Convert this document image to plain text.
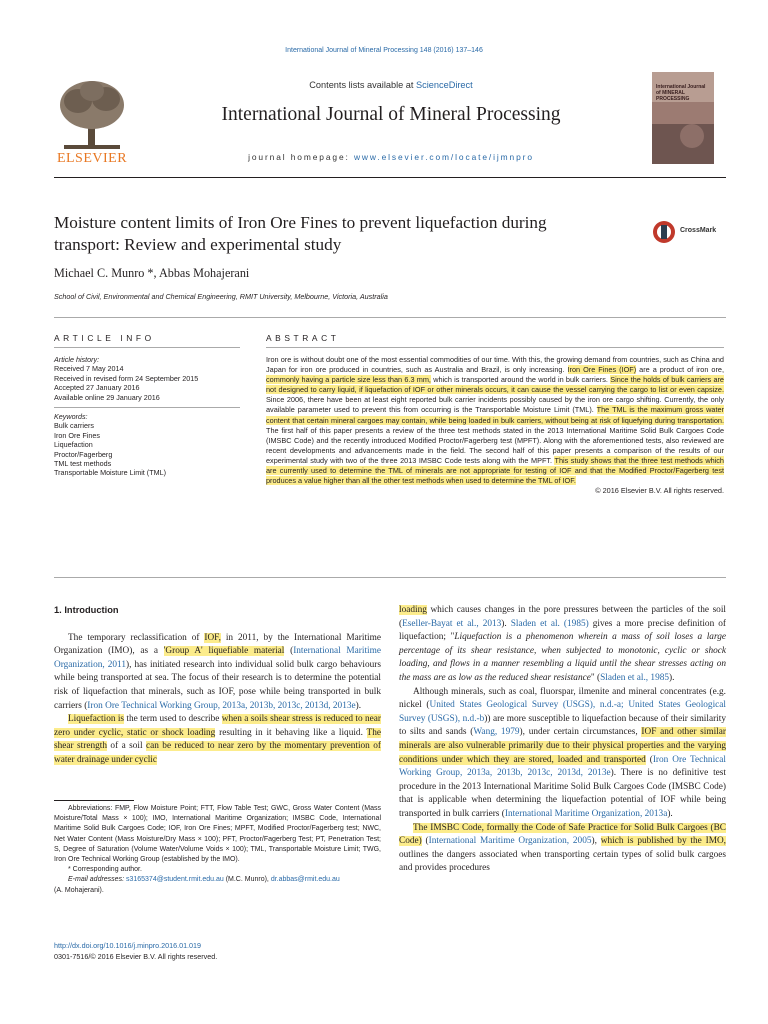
International Journal of Mineral Processing 148 (2016) 137–146
ELSEVIER
Contents lists available at ScienceDirect
International Journal of Mineral Processing
journal homepage: www.elsevier.com/locate/ijmnpro
International Journal of MINERAL PROCESSING
Moisture content limits of Iron Ore Fines to prevent liquefaction during transport: Review and experimental study
CrossMark
Michael C. Munro *, Abbas Mohajerani
School of Civil, Environmental and Chemical Engineering, RMIT University, Melbourne, Victoria, Australia
ARTICLE INFO	ABSTRACT
Article history:
Received 7 May 2014
Received in revised form 24 September 2015
Accepted 27 January 2016
Available online 29 January 2016
Keywords:
Bulk carriers
Iron Ore Fines
Liquefaction
Proctor/Fagerberg
TML test methods
Transportable Moisture Limit (TML)
Iron ore is without doubt one of the most essential commodities of our time. With this, the growing demand from countries, such as China and Japan for iron ore produced in countries, such as Australia and Brazil, is only increasing. Iron Ore Fines (IOF) are a product of iron ore, commonly having a particle size less than 6.3 mm, which is transported around the world in bulk carriers. Since the holds of bulk carriers are not designed to carry liquid, if liquefaction of IOF or other minerals occurs, it can cause the vessel carrying the cargo to list or even capsize. Since 2006, there have been at least eight reported bulk carrier incidents possibly caused by the iron ore cargo shifting. Currently, the only available parameter used to prevent this from occurring is the Transportable Moisture Limit (TML). The TML is the maximum gross water content that certain mineral cargoes may contain, while being loaded in bulk carriers, without being at risk of liquefying during transportation. The first half of this paper presents a review of the three test methods stated in the 2013 International Maritime Solid Bulk Cargoes Code (IMSBC Code) and the recently introduced Modified Proctor/Fagerberg test (MPFT). Along with the aforementioned tests, also reviewed are recent developments and advancements made in the field. The second half of this paper presents a comparison of the results of our experimental study with two of the three 2013 IMSBC Code tests along with the MPFT. This study shows that the three test methods which are currently used to determine the TML of minerals are not appropriate for testing of IOF and that the Modified Proctor/Fagerberg test produces a value higher than all the other test methods when used to determine the TML of IOF.
© 2016 Elsevier B.V. All rights reserved.
1. Introduction

The temporary reclassification of IOF, in 2011, by the International Maritime Organization (IMO), as a 'Group A' liquefiable material (International Maritime Organization, 2011), has initiated research into individual solid bulk cargo behaviours while being transported at sea. The focus of their research is to determine the potential risk of liquefaction that minerals, such as IOF, pose while being transported in bulk carriers (Iron Ore Technical Working Group, 2013a, 2013b, 2013c, 2013d, 2013e).

Liquefaction is the term used to describe when a soils shear stress is reduced to near zero under cyclic, static or shock loading resulting in it behaving like a liquid. The shear strength of a soil can be reduced to near zero by the momentary prevention of water drainage under cyclic

Abbreviations: FMP, Flow Moisture Point; FTT, Flow Table Test; GWC, Gross Water Content (Mass Moisture/Total Mass × 100); IMO, International Maritime Organization; IMSBC Code, International Maritime Solid Bulk Cargoes Code; IOF, Iron Ore Fines; MPFT, Modified Proctor/Fagerberg test; NWC, Net Water Content (Mass Moisture/Dry Mass × 100); PFT, Proctor/Fagerberg Test; PT, Penetration Test; S, Degree of Saturation (Volume Water/Volume Voids × 100); TML, Transportable Moisture Limit; TWG, Iron Ore Technical Working Group (established by the IMO).

* Corresponding author.

E-mail addresses: s3165374@student.rmit.edu.au (M.C. Munro), dr.abbas@rmit.edu.au
(A. Mohajerani).

http://dx.doi.org/10.1016/j.minpro.2016.01.019
0301-7516/© 2016 Elsevier B.V. All rights reserved.

loading which causes changes in the pore pressures between the particles of the soil (Eseller-Bayat et al., 2013). Sladen et al. (1985) gives a more precise definition of liquefaction; "Liquefaction is a phenomenon wherein a mass of soil loses a large percentage of its shear resistance, when subjected to monotonic, cyclic or shock loading, and flows in a manner resembling a liquid until the shear stresses acting on the mass are as low as the reduced shear resistance" (Sladen et al., 1985).

Although minerals, such as coal, fluorspar, ilmenite and mineral concentrates (e.g. nickel (United States Geological Survey (USGS), n.d.-a; United States Geological Survey (USGS), n.d.-b)) are more susceptible to liquefaction because of their similarity to silts and sands (Wang, 1979), under certain circumstances, IOF and other similar minerals are also vulnerable primarily due to their physical properties and the varying conditions under which they are stored, loaded and transported (Iron Ore Technical Working Group, 2013a, 2013b, 2013c, 2013d, 2013e). There is no definitive test procedure in the 2013 International Maritime Solid Bulk Cargoes Code (IMSBC Code) that is applicable when determining the liquefaction potential of IOF while being transported in bulk carriers (International Maritime Organization, 2013a).

The IMSBC Code, formally the Code of Safe Practice for Solid Bulk Cargoes (BC Code) (International Maritime Organization, 2005), which is published by the IMO, outlines the dangers associated when transporting certain types of solid bulk cargoes and provides procedures
